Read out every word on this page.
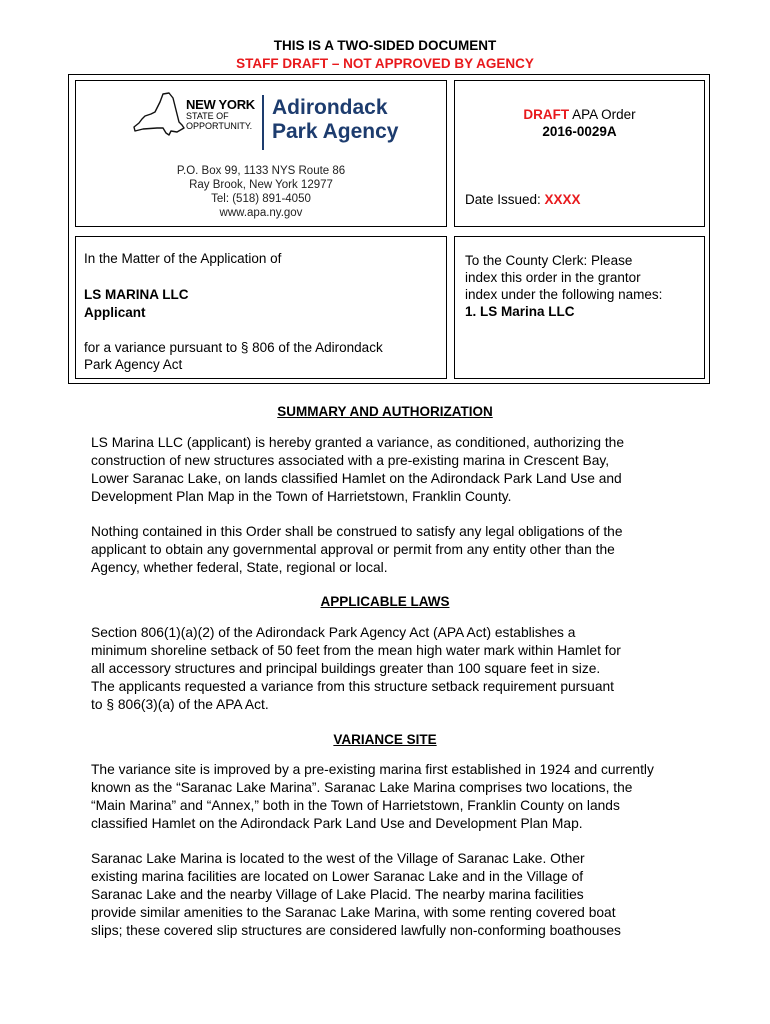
THIS IS A TWO-SIDED DOCUMENT
STAFF DRAFT – NOT APPROVED BY AGENCY
NEW YORK
STATE OF
OPPORTUNITY.
Adirondack
Park Agency
P.O. Box 99, 1133 NYS Route 86
Ray Brook, New York 12977
Tel: (518) 891-4050
www.apa.ny.gov
DRAFT APA Order
2016-0029A
Date Issued: XXXX
In the Matter of the Application of
LS MARINA LLC
Applicant
for a variance pursuant to § 806 of the Adirondack
Park Agency Act
To the County Clerk: Please
index this order in the grantor
index under the following names:
1. LS Marina LLC
SUMMARY AND AUTHORIZATION
LS Marina LLC (applicant) is hereby granted a variance, as conditioned, authorizing the
construction of new structures associated with a pre-existing marina in Crescent Bay,
Lower Saranac Lake, on lands classified Hamlet on the Adirondack Park Land Use and
Development Plan Map in the Town of Harrietstown, Franklin County.
Nothing contained in this Order shall be construed to satisfy any legal obligations of the
applicant to obtain any governmental approval or permit from any entity other than the
Agency, whether federal, State, regional or local.
APPLICABLE LAWS
Section 806(1)(a)(2) of the Adirondack Park Agency Act (APA Act) establishes a
minimum shoreline setback of 50 feet from the mean high water mark within Hamlet for
all accessory structures and principal buildings greater than 100 square feet in size.
The applicants requested a variance from this structure setback requirement pursuant
to § 806(3)(a) of the APA Act.
VARIANCE SITE
The variance site is improved by a pre-existing marina first established in 1924 and currently
known as the “Saranac Lake Marina”. Saranac Lake Marina comprises two locations, the
“Main Marina” and “Annex,” both in the Town of Harrietstown, Franklin County on lands
classified Hamlet on the Adirondack Park Land Use and Development Plan Map.
Saranac Lake Marina is located to the west of the Village of Saranac Lake. Other
existing marina facilities are located on Lower Saranac Lake and in the Village of
Saranac Lake and the nearby Village of Lake Placid. The nearby marina facilities
provide similar amenities to the Saranac Lake Marina, with some renting covered boat
slips; these covered slip structures are considered lawfully non-conforming boathouses
